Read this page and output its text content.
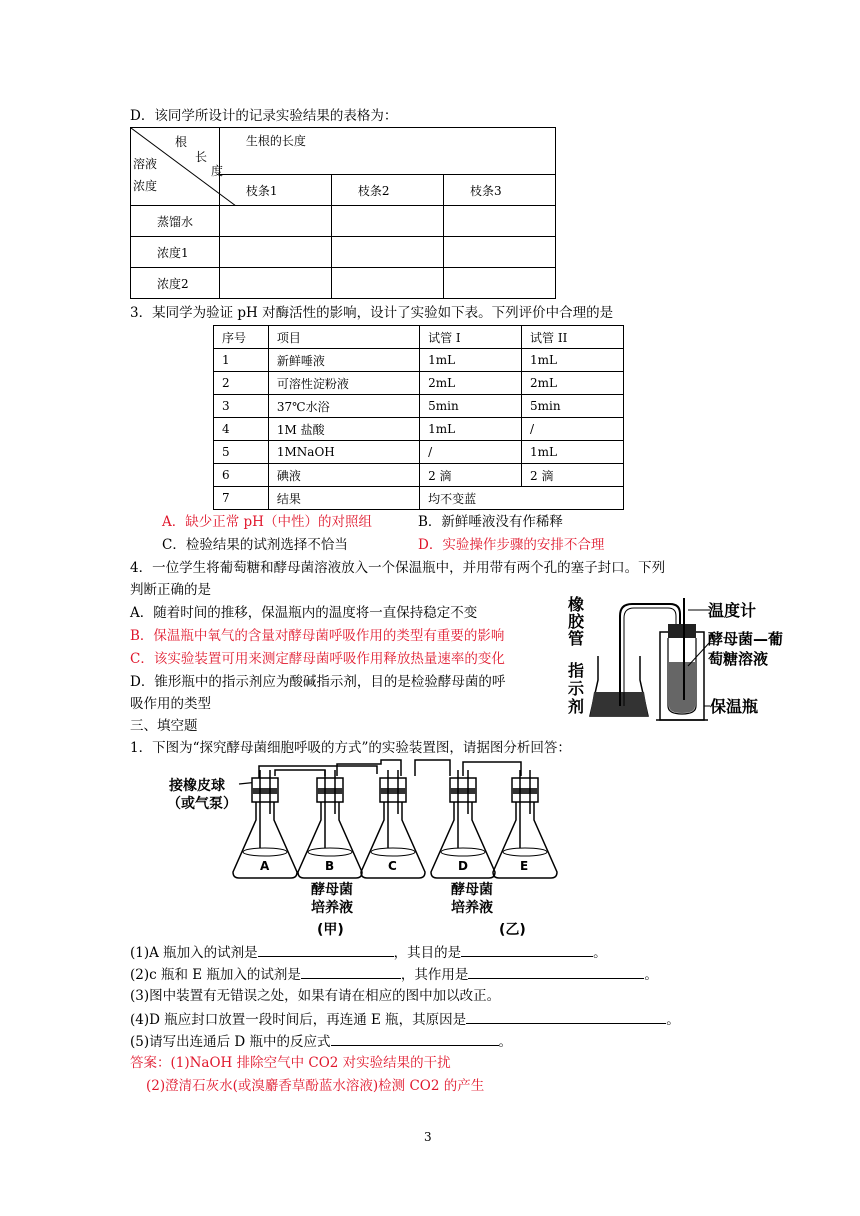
D．该同学所设计的记录实验结果的表格为：
根
长
度
溶液
浓度	生根的长度		
	枝条1	枝条2	枝条3
蒸馏水			
浓度1			
浓度2			
3．某同学为验证 pH 对酶活性的影响，设计了实验如下表。下列评价中合理的是
序号	项目	试管 I	试管 II
1	新鲜唾液	1mL	1mL
2	可溶性淀粉液	2mL	2mL
3	37℃水浴	5min	5min
4	1M 盐酸	1mL	/
5	1MNaOH	/	1mL
6	碘液	2 滴	2 滴
7	结果	均不变蓝	
A．缺少正常 pH（中性）的对照组	B．新鲜唾液没有作稀释
C．检验结果的试剂选择不恰当	D．实验操作步骤的安排不合理
4．一位学生将葡萄糖和酵母菌溶液放入一个保温瓶中，并用带有两个孔的塞子封口。下列
判断正确的是
A．随着时间的推移，保温瓶内的温度将一直保持稳定不变
B．保温瓶中氧气的含量对酵母菌呼吸作用的类型有重要的影响
C．该实验装置可用来测定酵母菌呼吸作用释放热量速率的变化
D．锥形瓶中的指示剂应为酸碱指示剂，目的是检验酵母菌的呼
吸作用的类型
橡
胶
管
指
示
剂
温度计
酵母菌—葡
萄糖溶液
保温瓶
三、填空题
1．下图为“探究酵母菌细胞呼吸的方式”的实验装置图，请据图分析回答：
接橡皮球
（或气泵）
A	B	C	D	E
酵母菌
培养液
酵母菌
培养液
(甲)	(乙)
(1)A 瓶加入的试剂是	，其目的是	。
(2)c 瓶和 E 瓶加入的试剂是	，其作用是	。
(3)图中装置有无错误之处，如果有请在相应的图中加以改正。
(4)D 瓶应封口放置一段时间后，再连通 E 瓶，其原因是	。
(5)请写出连通后 D 瓶中的反应式	。
答案：(1)NaOH 排除空气中 CO2 对实验结果的干扰
(2)澄清石灰水(或溴麝香草酚蓝水溶液)检测 CO2 的产生
3
